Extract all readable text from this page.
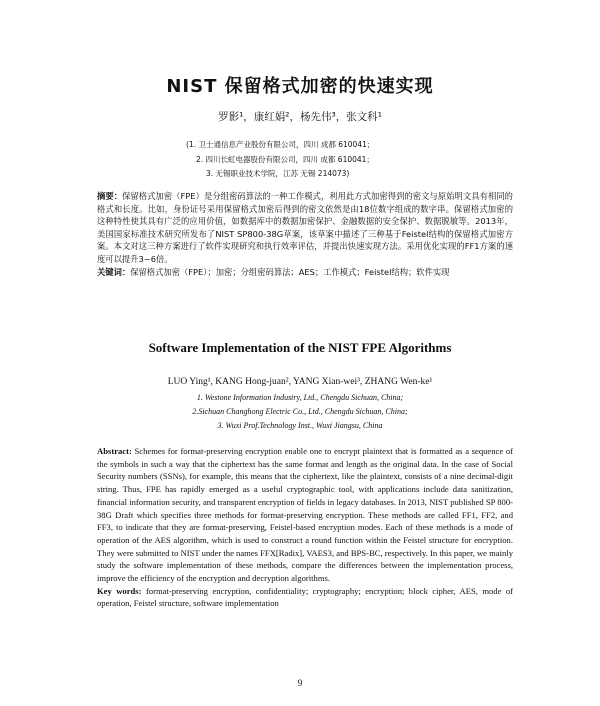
NIST 保留格式加密的快速实现
罗影¹，康红娟²，杨先伟³，张文科¹
(1. 卫士通信息产业股份有限公司，四川 成都 610041；
2. 四川长虹电器股份有限公司，四川 成都 610041；
3. 无锡职业技术学院，江苏 无锡 214073)
摘要：保留格式加密（FPE）是分组密码算法的一种工作模式，利用此方式加密得到的密文与原始明文具有相同的格式和长度。比如，身份证号采用保留格式加密后得到的密文依然是由18位数字组成的数字串。保留格式加密的这种特性使其具有广泛的应用价值，如数据库中的数据加密保护、金融数据的安全保护、数据脱敏等。2013年，美国国家标准技术研究所发布了NIST SP800-38G草案，该草案中描述了三种基于Feistel结构的保留格式加密方案。本文对这三种方案进行了软件实现研究和执行效率评估，并提出快速实现方法。采用优化实现的FF1方案的速度可以提升3~6倍。
关键词：保留格式加密（FPE）；加密；分组密码算法；AES；工作模式；Feistel结构；软件实现
Software Implementation of the NIST FPE Algorithms
LUO Ying¹, KANG Hong-juan², YANG Xian-wei³, ZHANG Wen-ke¹
1. Westone Information Industry, Ltd., Chengdu Sichuan, China;
2.Sichuan Changhong Electric Co., Ltd., Chengdu Sichuan, China;
3. Wuxi Prof.Technology Inst., Wuxi Jiangsu, China
Abstract: Schemes for format-preserving encryption enable one to encrypt plaintext that is formatted as a sequence of the symbols in such a way that the ciphertext has the same format and length as the original data. In the case of Social Security numbers (SSNs), for example, this means that the ciphertext, like the plaintext, consists of a nine decimal-digit string. Thus, FPE has rapidly emerged as a useful cryptographic tool, with applications include data sanitization, financial information security, and transparent encryption of fields in legacy databases. In 2013, NIST published SP 800-38G Draft which specifies three methods for format-preserving encryption. These methods are called FF1, FF2, and FF3, to indicate that they are format-preserving, Feistel-based encryption modes. Each of these methods is a mode of operation of the AES algorithm, which is used to construct a round function within the Feistel structure for encryption. They were submitted to NIST under the names FFX[Radix], VAES3, and BPS-BC, respectively. In this paper, we mainly study the software implementation of these methods, compare the differences between the implementation process, improve the efficiency of the encryption and decryption algorithms.
Key words: format-preserving encryption, confidentiality; cryptography; encryption; block cipher, AES, mode of operation, Feistel structure, software implementation
9
